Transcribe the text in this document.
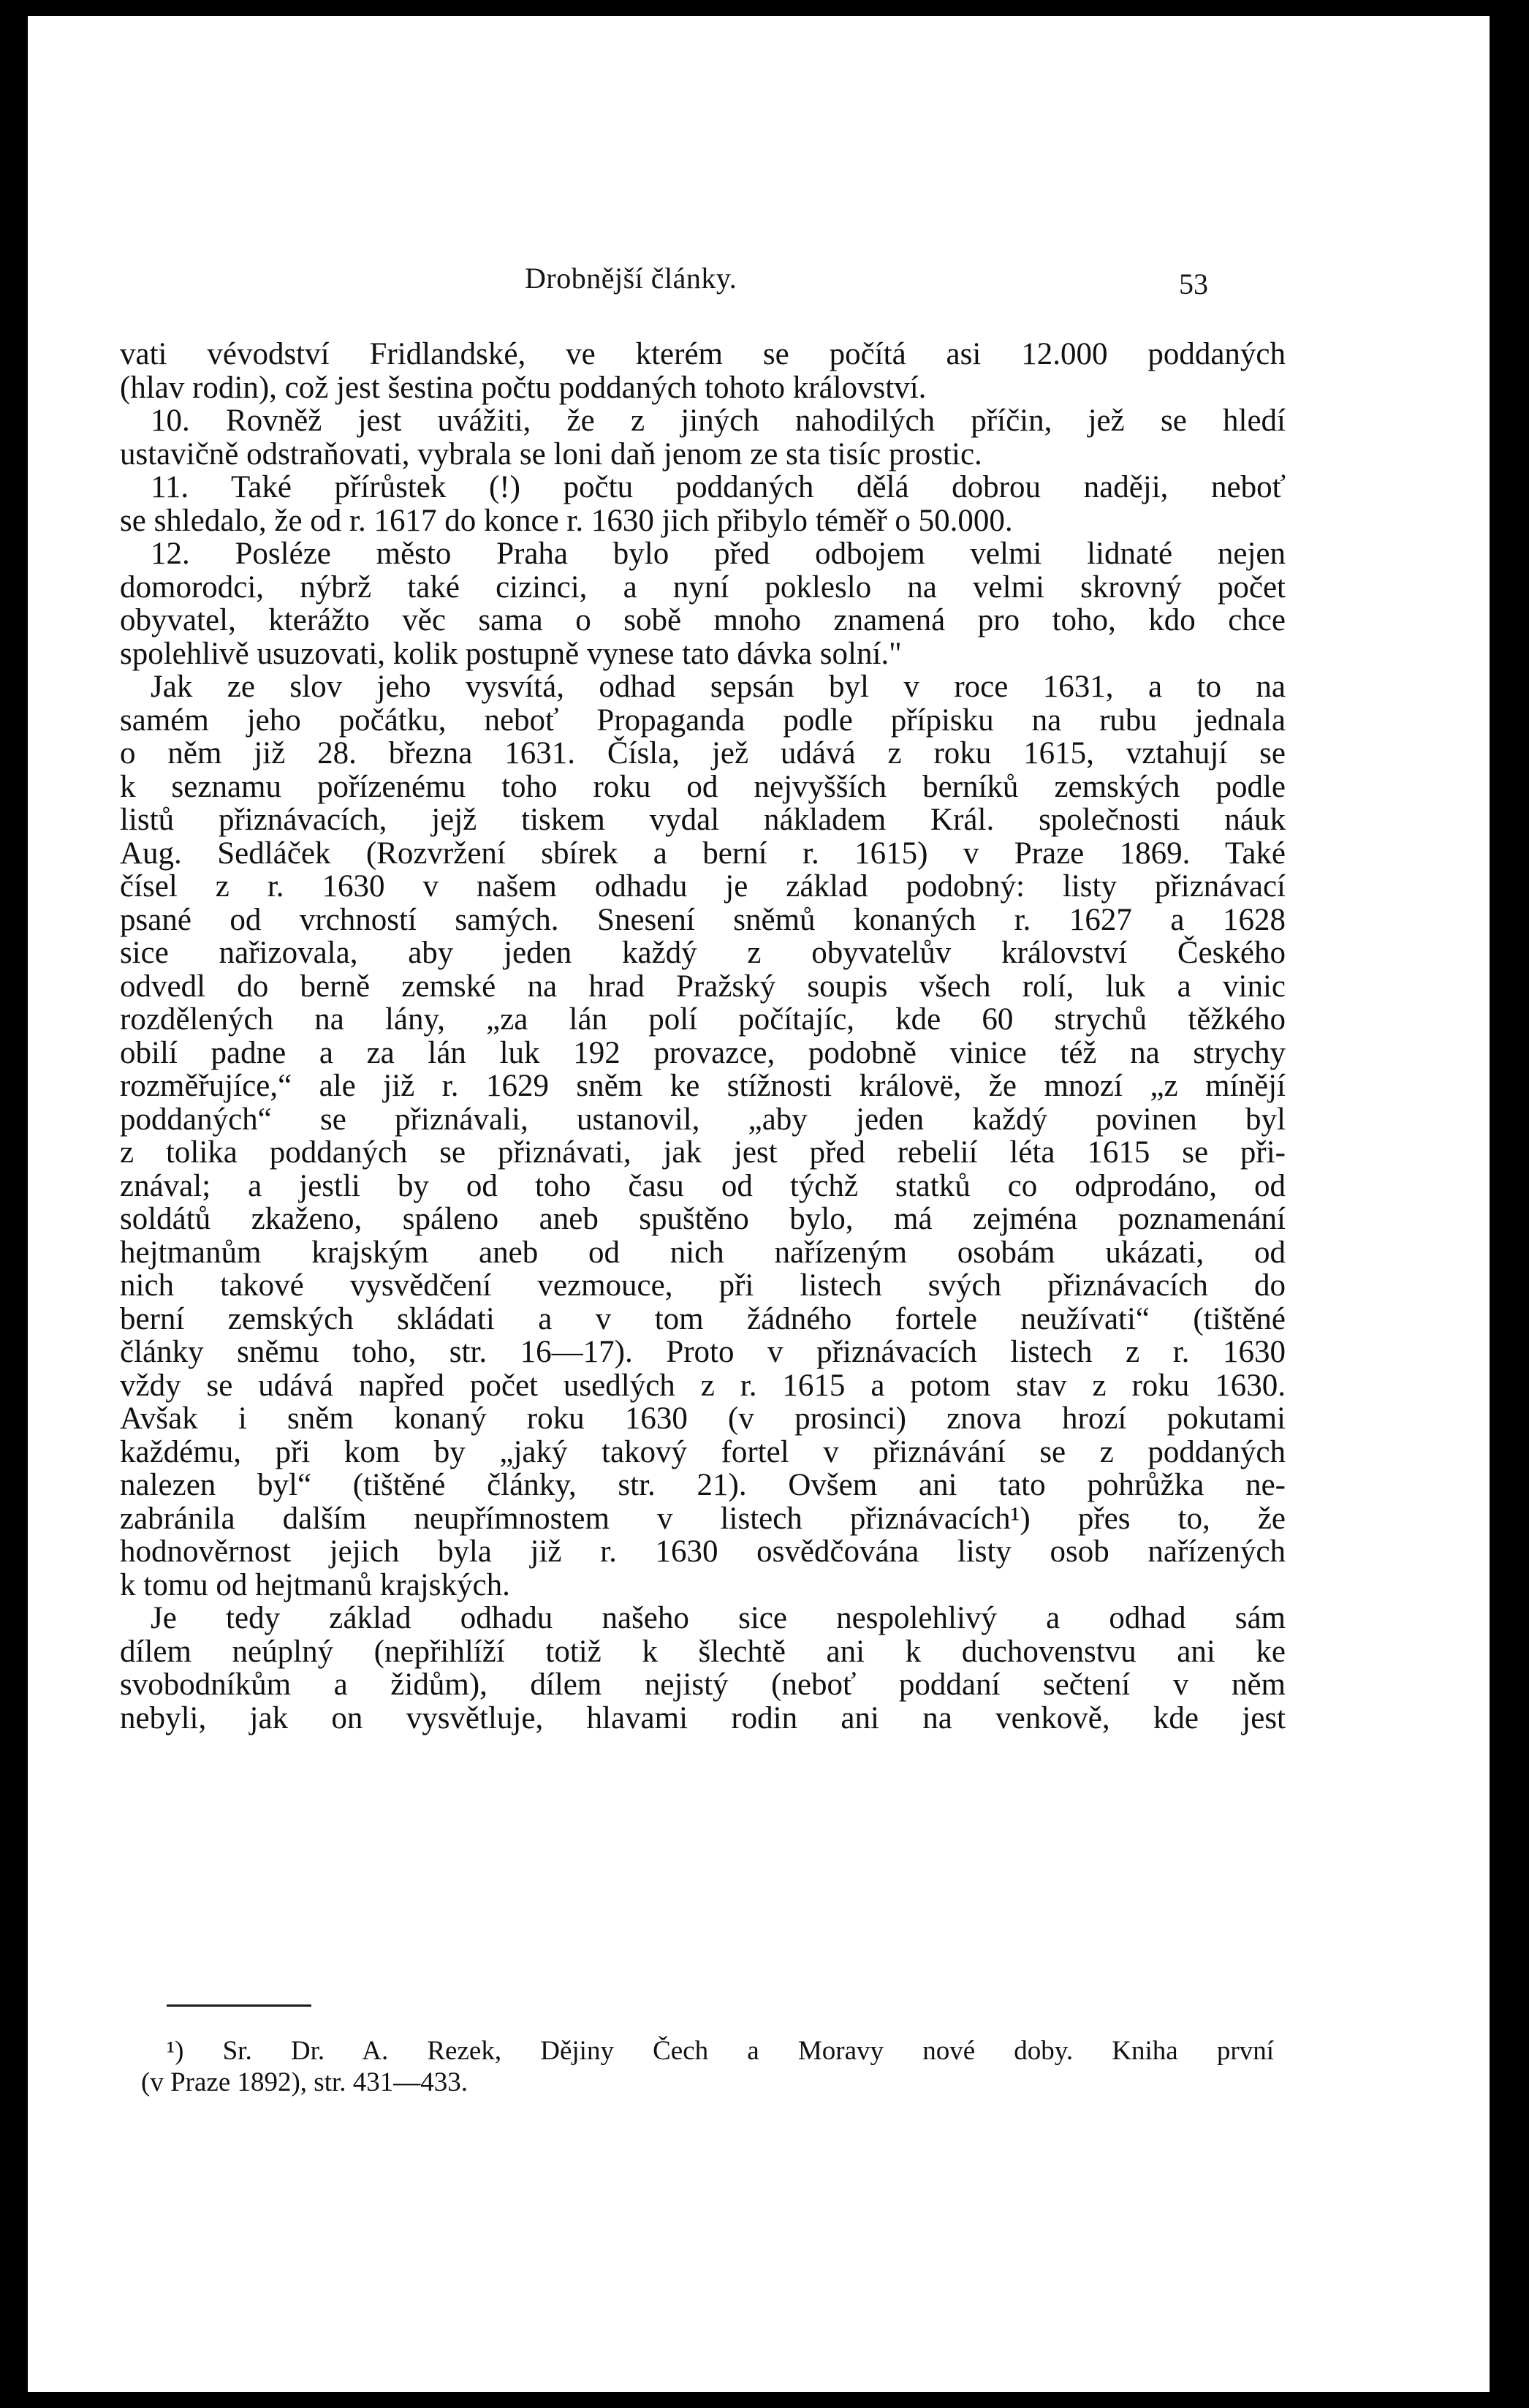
Drobnější články.	53
vati vévodství Fridlandské, ve kterém se počítá asi 12.000 poddaných
(hlav rodin), což jest šestina počtu poddaných tohoto království.
10. Rovněž jest uvážiti, že z jiných nahodilých příčin, jež se hledí
ustavičně odstraňovati, vybrala se loni daň jenom ze sta tisíc prostic.
11. Také přírůstek (!) počtu poddaných dělá dobrou naději, neboť
se shledalo, že od r. 1617 do konce r. 1630 jich přibylo téměř o 50.000.
12. Posléze město Praha bylo před odbojem velmi lidnaté nejen
domorodci, nýbrž také cizinci, a nyní pokleslo na velmi skrovný počet
obyvatel, kterážto věc sama o sobě mnoho znamená pro toho, kdo chce
spolehlivě usuzovati, kolik postupně vynese tato dávka solní."
Jak ze slov jeho vysvítá, odhad sepsán byl v roce 1631, a to na
samém jeho počátku, neboť Propaganda podle přípisku na rubu jednala
o něm již 28. března 1631. Čísla, jež udává z roku 1615, vztahují se
k seznamu pořízenému toho roku od nejvyšších berníků zemských podle
listů přiznávacích, jejž tiskem vydal nákladem Král. společnosti náuk
Aug. Sedláček (Rozvržení sbírek a berní r. 1615) v Praze 1869. Také
čísel z r. 1630 v našem odhadu je základ podobný: listy přiznávací
psané od vrchností samých. Snesení sněmů konaných r. 1627 a 1628
sice nařizovala, aby jeden každý z obyvatelův království Českého
odvedl do berně zemské na hrad Pražský soupis všech rolí, luk a vinic
rozdělených na lány, „za lán polí počítajíc, kde 60 strychů těžkého
obilí padne a za lán luk 192 provazce, podobně vinice též na strychy
rozměřujíce,“ ale již r. 1629 sněm ke stížnosti královë, že mnozí „z mínějí
poddaných“ se přiznávali, ustanovil, „aby jeden každý povinen byl
z tolika poddaných se přiznávati, jak jest před rebelií léta 1615 se při-
znával; a jestli by od toho času od týchž statků co odprodáno, od
soldátů zkaženo, spáleno aneb spuštěno bylo, má zejména poznamenání
hejtmanům krajským aneb od nich nařízeným osobám ukázati, od
nich takové vysvědčení vezmouce, při listech svých přiznávacích do
berní zemských skládati a v tom žádného fortele neužívati“ (tištěné
články sněmu toho, str. 16—17). Proto v přiznávacích listech z r. 1630
vždy se udává napřed počet usedlých z r. 1615 a potom stav z roku 1630.
Avšak i sněm konaný roku 1630 (v prosinci) znova hrozí pokutami
každému, při kom by „jaký takový fortel v přiznávání se z poddaných
nalezen byl“ (tištěné články, str. 21). Ovšem ani tato pohrůžka ne-
zabránila dalším neupřímnostem v listech přiznávacích¹) přes to, že
hodnověrnost jejich byla již r. 1630 osvědčována listy osob nařízených
k tomu od hejtmanů krajských.
Je tedy základ odhadu našeho sice nespolehlivý a odhad sám
dílem neúplný (nepřihlíží totiž k šlechtě ani k duchovenstvu ani ke
svobodníkům a židům), dílem nejistý (neboť poddaní sečtení v něm
nebyli, jak on vysvětluje, hlavami rodin ani na venkově, kde jest
¹) Sr. Dr. A. Rezek, Dějiny Čech a Moravy nové doby. Kniha první
(v Praze 1892), str. 431—433.
